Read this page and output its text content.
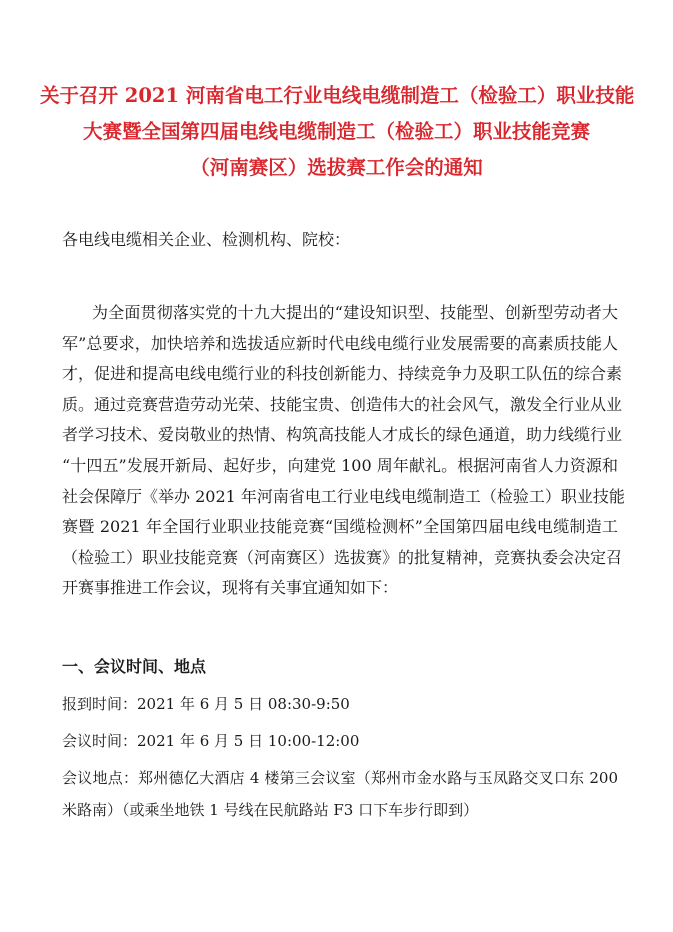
关于召开 2021 河南省电工行业电线电缆制造工（检验工）职业技能
大赛暨全国第四届电线电缆制造工（检验工）职业技能竞赛
（河南赛区）选拔赛工作会的通知
各电线电缆相关企业、检测机构、院校：
为全面贯彻落实党的十九大提出的“建设知识型、技能型、创新型劳动者大
军”总要求，加快培养和选拔适应新时代电线电缆行业发展需要的高素质技能人
才，促进和提高电线电缆行业的科技创新能力、持续竞争力及职工队伍的综合素
质。通过竞赛营造劳动光荣、技能宝贵、创造伟大的社会风气，激发全行业从业
者学习技术、爱岗敬业的热情、构筑高技能人才成长的绿色通道，助力线缆行业
“十四五”发展开新局、起好步，向建党 100 周年献礼。根据河南省人力资源和
社会保障厅《举办 2021 年河南省电工行业电线电缆制造工（检验工）职业技能
赛暨 2021 年全国行业职业技能竞赛“国缆检测杯”全国第四届电线电缆制造工
（检验工）职业技能竞赛（河南赛区）选拔赛》的批复精神，竞赛执委会决定召
开赛事推进工作会议，现将有关事宜通知如下：
一、会议时间、地点
报到时间：2021 年 6 月 5 日 08:30-9:50
会议时间：2021 年 6 月 5 日 10:00-12:00
会议地点：郑州德亿大酒店 4 楼第三会议室（郑州市金水路与玉凤路交叉口东 200
米路南）（或乘坐地铁 1 号线在民航路站 F3 口下车步行即到）
